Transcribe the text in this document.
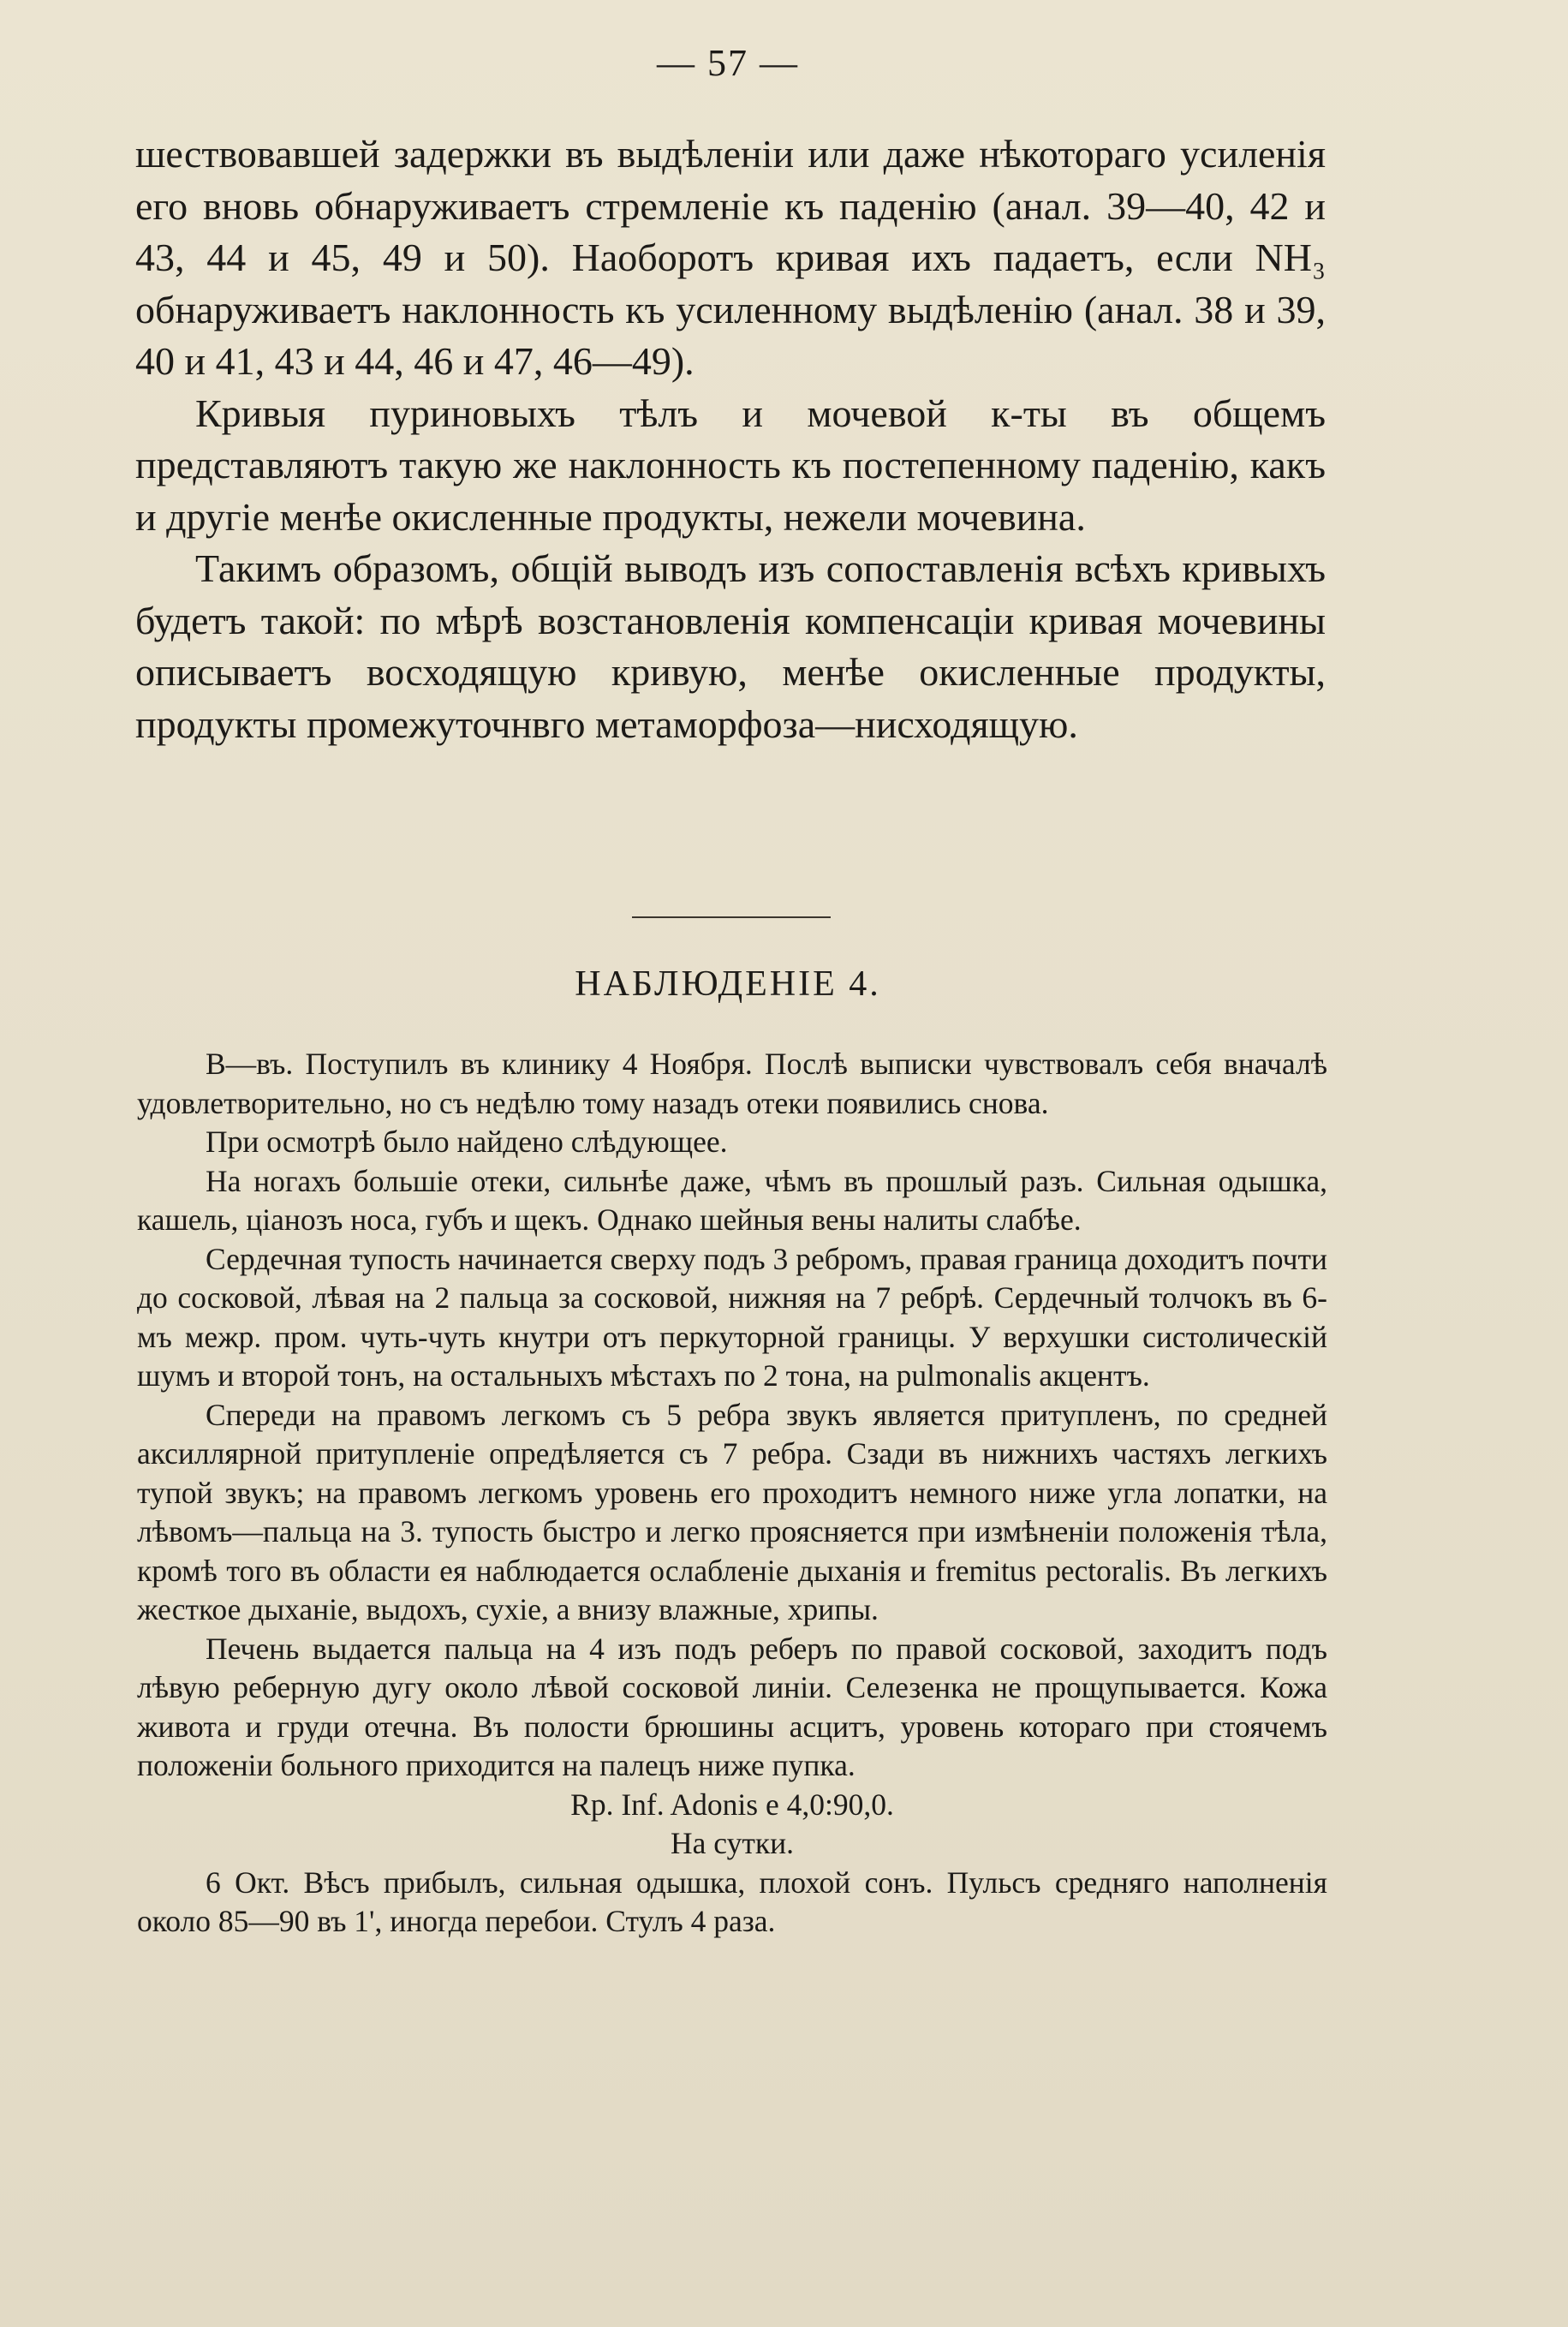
— 57 —

шествовавшей задержки въ выдѣленіи или даже нѣкотораго усиленія его вновь обнаруживаетъ стремленіе къ паденію (анал. 39—40, 42 и 43, 44 и 45, 49 и 50). Наоборотъ кривая ихъ падаетъ, если NH₃ обнаруживаетъ наклонность къ усиленному выдѣленію (анал. 38 и 39, 40 и 41, 43 и 44, 46 и 47, 46—49).

Кривыя пуриновыхъ тѣлъ и мочевой к-ты въ общемъ представляютъ такую же наклонность къ постепенному паденію, какъ и другіе менѣе окисленные продукты, нежели мочевина.

Такимъ образомъ, общій выводъ изъ сопоставленія всѣхъ кривыхъ будетъ такой: по мѣрѣ возстановленія компенсаціи кривая мочевины описываетъ восходящую кривую, менѣе окисленные продукты, продукты промежуточнвго метаморфоза—нисходящую.

НАБЛЮДЕНІЕ 4.

В—въ. Поступилъ въ клинику 4 Ноября. Послѣ выписки чувствовалъ себя вначалѣ удовлетворительно, но съ недѣлю тому назадъ отеки появились снова.

При осмотрѣ было найдено слѣдующее.

На ногахъ большіе отеки, сильнѣе даже, чѣмъ въ прошлый разъ. Сильная одышка, кашель, ціанозъ носа, губъ и щекъ. Однако шейныя вены налиты слабѣе.

Сердечная тупость начинается сверху подъ 3 ребромъ, правая граница доходитъ почти до сосковой, лѣвая на 2 пальца за сосковой, нижняя на 7 ребрѣ. Сердечный толчокъ въ 6-мъ межр. пром. чуть-чуть кнутри отъ перкуторной границы. У верхушки систолическій шумъ и второй тонъ, на остальныхъ мѣстахъ по 2 тона, на pulmonalis акцентъ.

Спереди на правомъ легкомъ съ 5 ребра звукъ является притупленъ, по средней аксиллярной притупленіе опредѣляется съ 7 ребра. Сзади въ нижнихъ частяхъ легкихъ тупой звукъ; на правомъ легкомъ уровень его проходитъ немного ниже угла лопатки, на лѣвомъ—пальца на 3. тупость быстро и легко проясняется при измѣненіи положенія тѣла, кромѣ того въ области ея наблюдается ослабленіе дыханія и fremitus pectoralis. Въ легкихъ жесткое дыханіе, выдохъ, сухіе, а внизу влажные, хрипы.

Печень выдается пальца на 4 изъ подъ реберъ по правой сосковой, заходитъ подъ лѣвую реберную дугу около лѣвой сосковой линіи. Селезенка не прощупывается. Кожа живота и груди отечна. Въ полости брюшины асцитъ, уровень котораго при стоячемъ положеніи больного приходится на палецъ ниже пупка.

Rp. Inf. Adonis e 4,0:90,0.

На сутки.

6 Окт. Вѣсъ прибылъ, сильная одышка, плохой сонъ. Пульсъ средняго наполненія около 85—90 въ 1', иногда перебои. Стулъ 4 раза.
